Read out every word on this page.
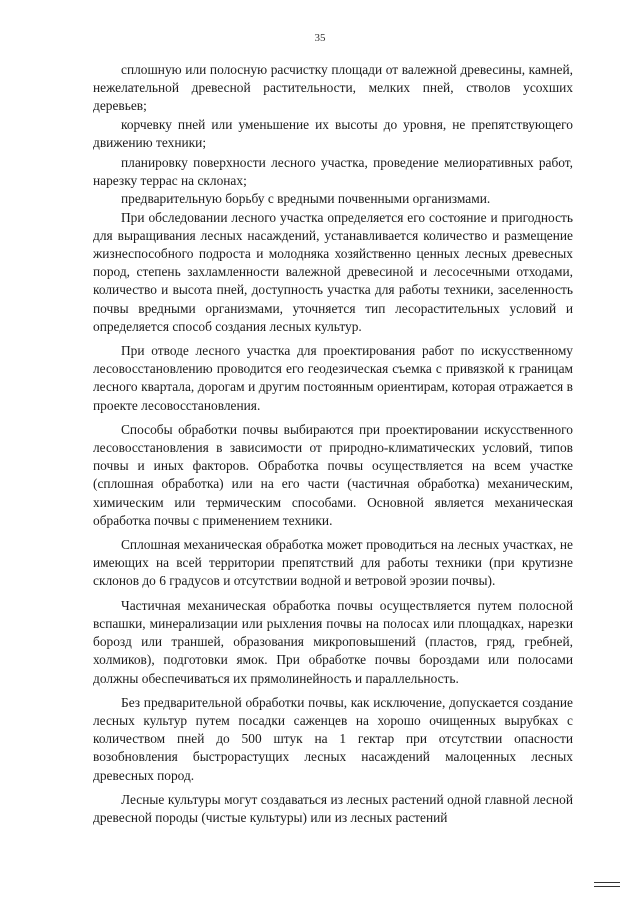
35

сплошную или полосную расчистку площади от валежной древесины, камней, нежелательной древесной растительности, мелких пней, стволов усохших деревьев;

корчевку пней или уменьшение их высоты до уровня, не препятствующего движению техники;

планировку поверхности лесного участка, проведение мелиоративных работ, нарезку террас на склонах;

предварительную борьбу с вредными почвенными организмами.

При обследовании лесного участка определяется его состояние и пригодность для выращивания лесных насаждений, устанавливается количество и размещение жизнеспособного подроста и молодняка хозяйственно ценных лесных древесных пород, степень захламленности валежной древесиной и лесосечными отходами, количество и высота пней, доступность участка для работы техники, заселенность почвы вредными организмами, уточняется тип лесорастительных условий и определяется способ создания лесных культур.

При отводе лесного участка для проектирования работ по искусственному лесовосстановлению проводится его геодезическая съемка с привязкой к границам лесного квартала, дорогам и другим постоянным ориентирам, которая отражается в проекте лесовосстановления.

Способы обработки почвы выбираются при проектировании искусственного лесовосстановления в зависимости от природно-климатических условий, типов почвы и иных факторов. Обработка почвы осуществляется на всем участке (сплошная обработка) или на его части (частичная обработка) механическим, химическим или термическим способами. Основной является механическая обработка почвы с применением техники.

Сплошная механическая обработка может проводиться на лесных участках, не имеющих на всей территории препятствий для работы техники (при крутизне склонов до 6 градусов и отсутствии водной и ветровой эрозии почвы).

Частичная механическая обработка почвы осуществляется путем полосной вспашки, минерализации или рыхления почвы на полосах или площадках, нарезки борозд или траншей, образования микроповышений (пластов, гряд, гребней, холмиков), подготовки ямок. При обработке почвы бороздами или полосами должны обеспечиваться их прямолинейность и параллельность.

Без предварительной обработки почвы, как исключение, допускается создание лесных культур путем посадки саженцев на хорошо очищенных вырубках с количеством пней до 500 штук на 1 гектар при отсутствии опасности возобновления быстрорастущих лесных насаждений малоценных лесных древесных пород.

Лесные культуры могут создаваться из лесных растений одной главной лесной древесной породы (чистые культуры) или из лесных растений
